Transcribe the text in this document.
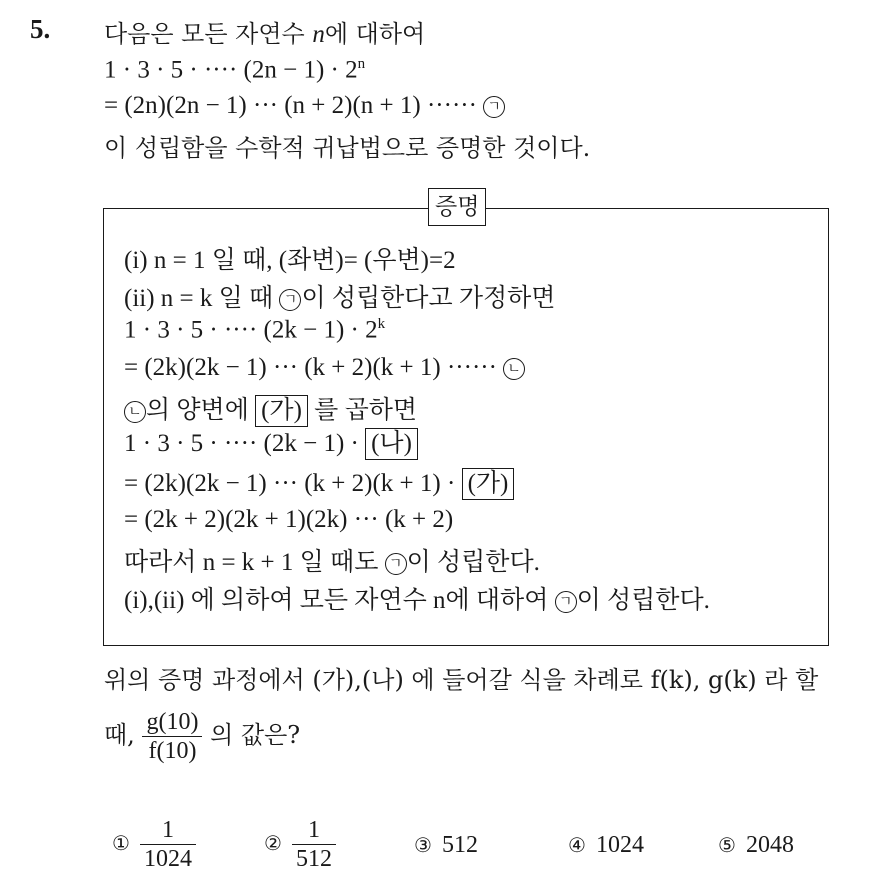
5. 다음은 모든 자연수 n에 대하여
1 · 3 · 5 · ···· $(2n - 1) \cdot 2^n$
= (2n)(2n − 1) ··· (n + 2)(n + 1) ······ ㄱ
이 성립함을 수학적 귀납법으로 증명한 것이다.
증명
(i) n = 1 일 때, (좌변)= (우변)=2
(ii) n = k 일 때 ㄱ 이 성립한다고 가정하면
1 · 3 · 5 · ···· $(2k - 1) \cdot 2^k$
= (2k)(2k − 1) ··· (k + 2)(k + 1) ······ ㄴ
ㄴ 의 양변에 (가) 를 곱하면
1 · 3 · 5 · ···· (2k − 1) · (나)
= (2k)(2k − 1) ··· (k + 2)(k + 1) · (가)
= (2k + 2)(2k + 1)(2k) ··· (k + 2)
따라서 n = k + 1 일 때도 ㄱ 이 성립한다.
(i),(ii) 에 의하여 모든 자연수 n에 대하여 ㄱ 이 성립한다.
위의 증명 과정에서 (가),(나) 에 들어갈 식을 차례로 f(k), g(k) 라 할
때, $\frac{g(10)}{f(10)}$ 의 값은?
① $\frac{1}{1024}$	② $\frac{1}{512}$	③ 512	④ 1024	⑤ 2048
